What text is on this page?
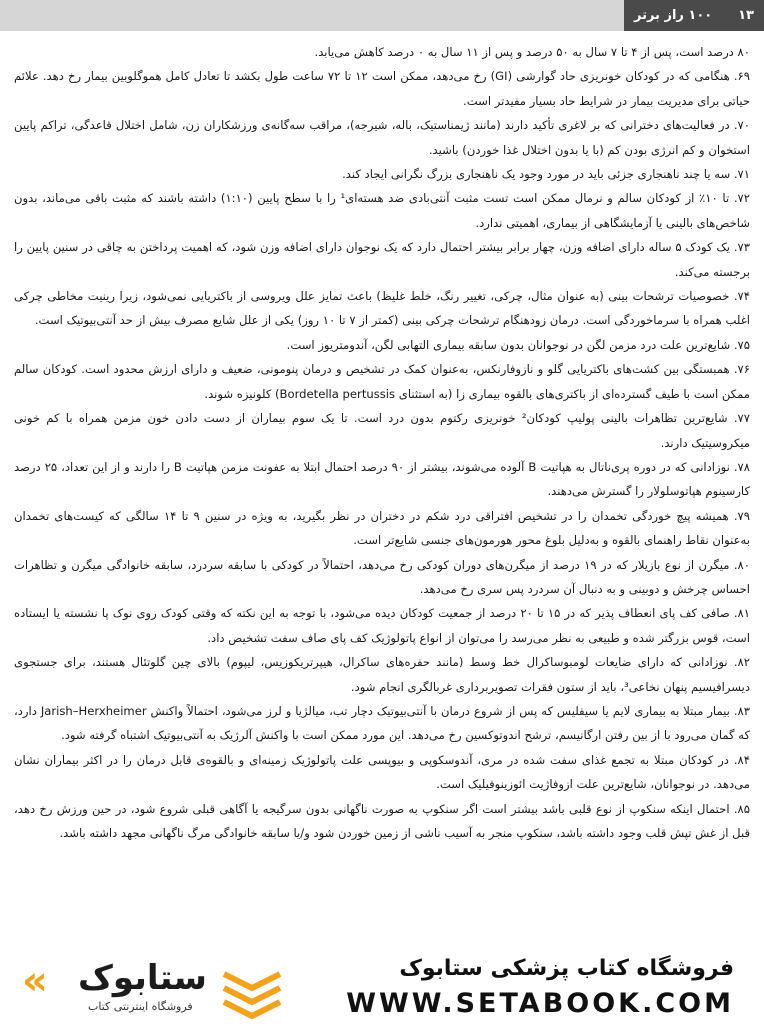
۱۳
۱۰۰ راز برتر

۸۰ درصد است، پس از ۴ تا ۷ سال به ۵۰ درصد و پس از ۱۱ سال به ۰ درصد کاهش می‌یابد.

۶۹. هنگامی که در کودکان خونریزی حاد گوارشی (GI) رخ می‌دهد، ممکن است ۱۲ تا ۷۲ ساعت طول بکشد تا تعادل کامل هموگلوبین بیمار رخ دهد. علائم حیاتی برای مدیریت بیمار در شرایط حاد بسیار مفیدتر است.

۷۰. در فعالیت‌های دخترانی که بر لاغری تأکید دارند (مانند ژیمناستیک، باله، شیرجه)، مراقب سه‌گانه‌ی ورزشکاران زن، شامل اختلال قاعدگی، تراکم پایین استخوان و کم انرژی بودن کم (با یا بدون اختلال غذا خوردن) باشید.

۷۱. سه یا چند ناهنجاری جزئی باید در مورد وجود یک ناهنجاری بزرگ نگرانی ایجاد کند.

۷۲. تا ۱۰٪ از کودکان سالم و نرمال ممکن است تست مثبت آنتی‌بادی ضد هسته‌ای¹ را با سطح پایین (۱:۱۰) داشته باشند که مثبت باقی می‌ماند، بدون شاخص‌های بالینی یا آزمایشگاهی از بیماری، اهمیتی ندارد.

۷۳. یک کودک ۵ ساله دارای اضافه وزن، چهار برابر بیشتر احتمال دارد که یک نوجوان دارای اضافه وزن شود، که اهمیت پرداختن به چاقی در سنین پایین را برجسته می‌کند.

۷۴. خصوصیات ترشحات بینی (به عنوان مثال، چرکی، تغییر رنگ، خلط غلیظ) باعث تمایز علل ویروسی از باکتریایی نمی‌شود، زیرا رینیت مخاطی چرکی اغلب همراه با سرماخوردگی است. درمان زودهنگام ترشحات چرکی بینی (کمتر از ۷ تا ۱۰ روز) یکی از علل شایع مصرف بیش از حد آنتی‌بیوتیک است.

۷۵. شایع‌ترین علت درد مزمن لگن در نوجوانان بدون سابقه بیماری التهابی لگن، آندومتریوز است.

۷۶. همبستگی بین کشت‌های باکتریایی گلو و نازوفارنکس، به‌عنوان کمک در تشخیص و درمان پنومونی، ضعیف و دارای ارزش محدود است. کودکان سالم ممکن است با طیف گسترده‌ای از باکتری‌های بالقوه بیماری زا (به استثنای Bordetella pertussis) کلونیزه شوند.

۷۷. شایع‌ترین تظاهرات بالینی پولیپ کودکان² خونریزی رکتوم بدون درد است. تا یک سوم بیماران از دست دادن خون مزمن همراه با کم خونی میکروسیتیک دارند.

۷۸. نوزادانی که در دوره پری‌ناتال به هپاتیت B آلوده می‌شوند، بیشتر از ۹۰ درصد احتمال ابتلا به عفونت مزمن هپاتیت B را دارند و از این تعداد، ۲۵ درصد کارسینوم هپاتوسلولار را گسترش می‌دهند.

۷۹. همیشه پیچ خوردگی تخمدان را در تشخیص افتراقی درد شکم در دختران در نظر بگیرید، به ویژه در سنین ۹ تا ۱۴ سالگی که کیست‌های تخمدان به‌عنوان نقاط راهنمای بالقوه و به‌دلیل بلوغ محور هورمون‌های جنسی شایع‌تر است.

۸۰. میگرن از نوع بازیلار که در ۱۹ درصد از میگرن‌های دوران کودکی رخ می‌دهد، احتمالاً در کودکی با سابقه سردرد، سابقه خانوادگی میگرن و تظاهرات احساس چرخش و دوبینی و به دنبال آن سردرد پس سری رخ می‌دهد.

۸۱. صافی کف پای انعطاف پذیر که در ۱۵ تا ۲۰ درصد از جمعیت کودکان دیده می‌شود، با توجه به این نکته که وقتی کودک روی نوک پا نشسته یا ایستاده است، قوس بزرگتر شده و طبیعی به نظر می‌رسد را می‌توان از انواع پاتولوژیک کف پای صاف سفت تشخیص داد.

۸۲. نوزادانی که دارای ضایعات لومبوساکرال خط وسط (مانند حفره‌های ساکرال، هیپرتریکوزیس، لیپوم) بالای چین گلوتئال هستند، برای جستجوی دیسرافیسیم پنهان نخاعی³، باید از ستون فقرات تصویربرداری غربالگری انجام شود.

۸۳. بیمار مبتلا به بیماری لایم یا سیفلیس که پس از شروع درمان با آنتی‌بیوتیک دچار تب، میالژیا و لرز می‌شود، احتمالاً واکنش Jarish–Herxheimer دارد، که گمان می‌رود با از بین رفتن ارگانیسم، ترشح اندوتوکسین رخ می‌دهد. این مورد ممکن است با واکنش آلرژیک به آنتی‌بیوتیک اشتباه گرفته شود.

۸۴. در کودکان مبتلا به تجمع غذای سفت شده در مری، آندوسکوپی و بیوپسی علت پاتولوژیک زمینه‌ای و بالقوه‌ی قابل درمان را در اکثر بیماران نشان می‌دهد. در نوجوانان، شایع‌ترین علت ازوفاژیت ائوزینوفیلیک است.

۸۵. احتمال اینکه سنکوپ از نوع قلبی باشد بیشتر است اگر سنکوپ به صورت ناگهانی بدون سرگیجه یا آگاهی قبلی شروع شود، در حین ورزش رخ دهد، قبل از غش تپش قلب وجود داشته باشد، سنکوپ منجر به آسیب ناشی از زمین خوردن شود و/یا سابقه خانوادگی مرگ ناگهانی مجهد داشته باشد.

« ستابوک
فروشگاه اینترنتی کتاب
فروشگاه کتاب پزشکی ستابوک
WWW.SETABOOK.COM
